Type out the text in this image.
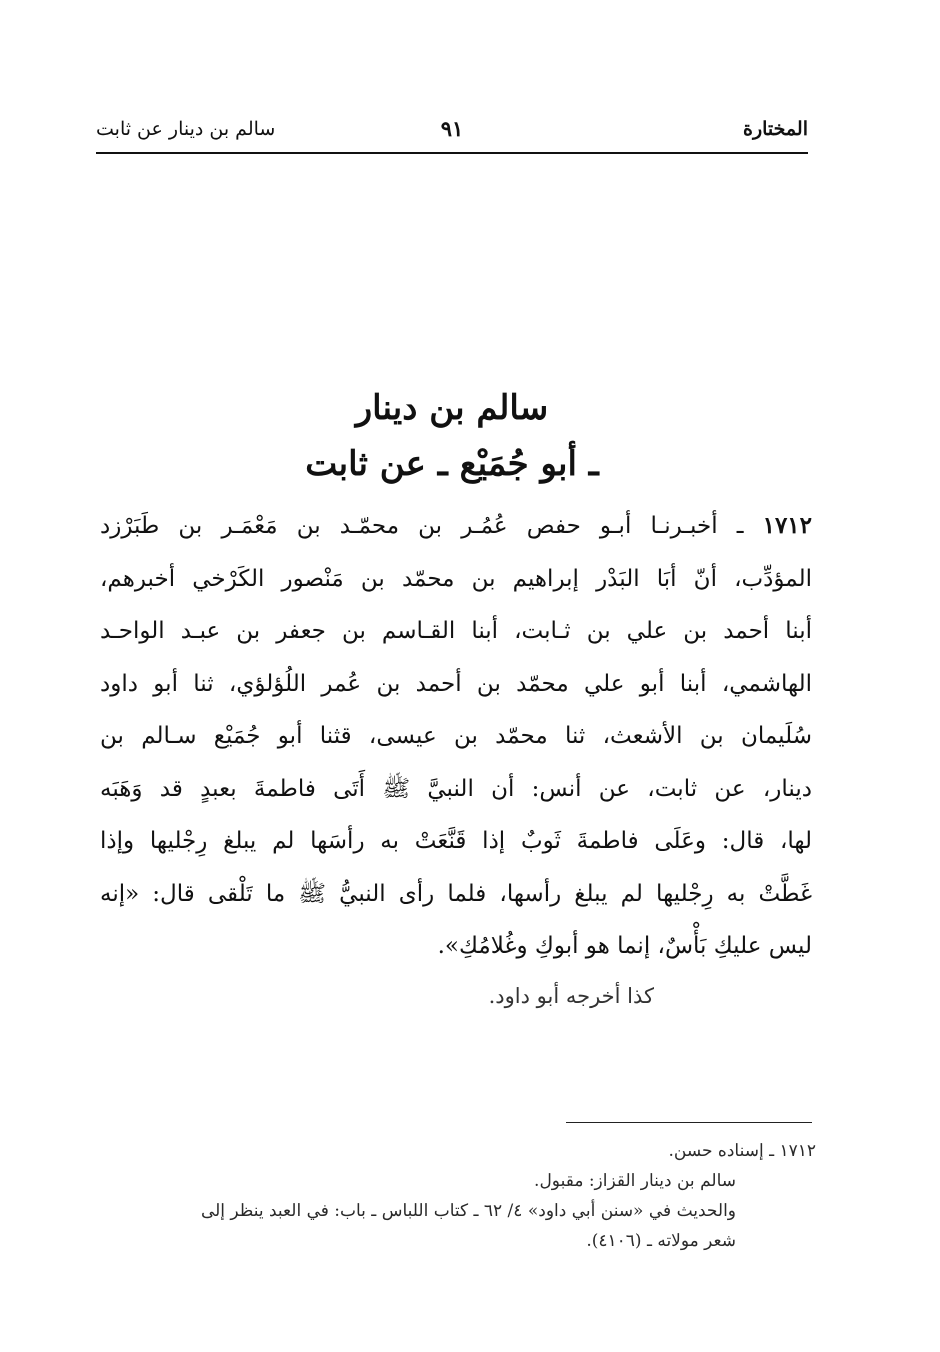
سالم بن دينار عن ثابت	٩١	المختارة
سالم بن دينار
ـ أبو جُمَيْع ـ عن ثابت
١٧١٢ ـ أخبـرنـا أبـو حفص عُمُـر بن محمّـد بن مَعْمَـر بن طَبَرْزد
المؤدِّب، أنّ أبَا البَدْر إبراهيم بن محمّد بن مَنْصور الكَرْخي أخبرهم،
أبنا أحمد بن علي بن ثـابت، أبنا القـاسم بن جعفر بن عبـد الواحـد
الهاشمي، أبنا أبو علي محمّد بن أحمد بن عُمر اللُؤلؤي، ثنا أبو داود
سُلَيمان بن الأشعث، ثنا محمّد بن عيسى، قثنا أبو جُمَيْع سـالم بن
دينار، عن ثابت، عن أنس: أن النبيَّ ﷺ أَتَى فاطمةَ بعبدٍ قد وَهَبَه
لها، قال: وعَلَى فاطمةَ ثَوبٌ إذا قَنَّعَتْ به رأسَها لم يبلغ رِجْليها وإذا
غَطَّتْ به رِجْليها لم يبلغ رأسها، فلما رأى النبيُّ ﷺ ما تَلْقى قال: «إنه
ليس عليكِ بَأْسٌ، إنما هو أبوكِ وغُلامُكِ».
كذا أخرجه أبو داود.
١٧١٢ ـ إسناده حسن.
سالم بن دينار القزاز: مقبول.
والحديث في «سنن أبي داود» ٤/ ٦٢ ـ كتاب اللباس ـ باب: في العبد ينظر إلى
شعر مولاته ـ (٤١٠٦).
